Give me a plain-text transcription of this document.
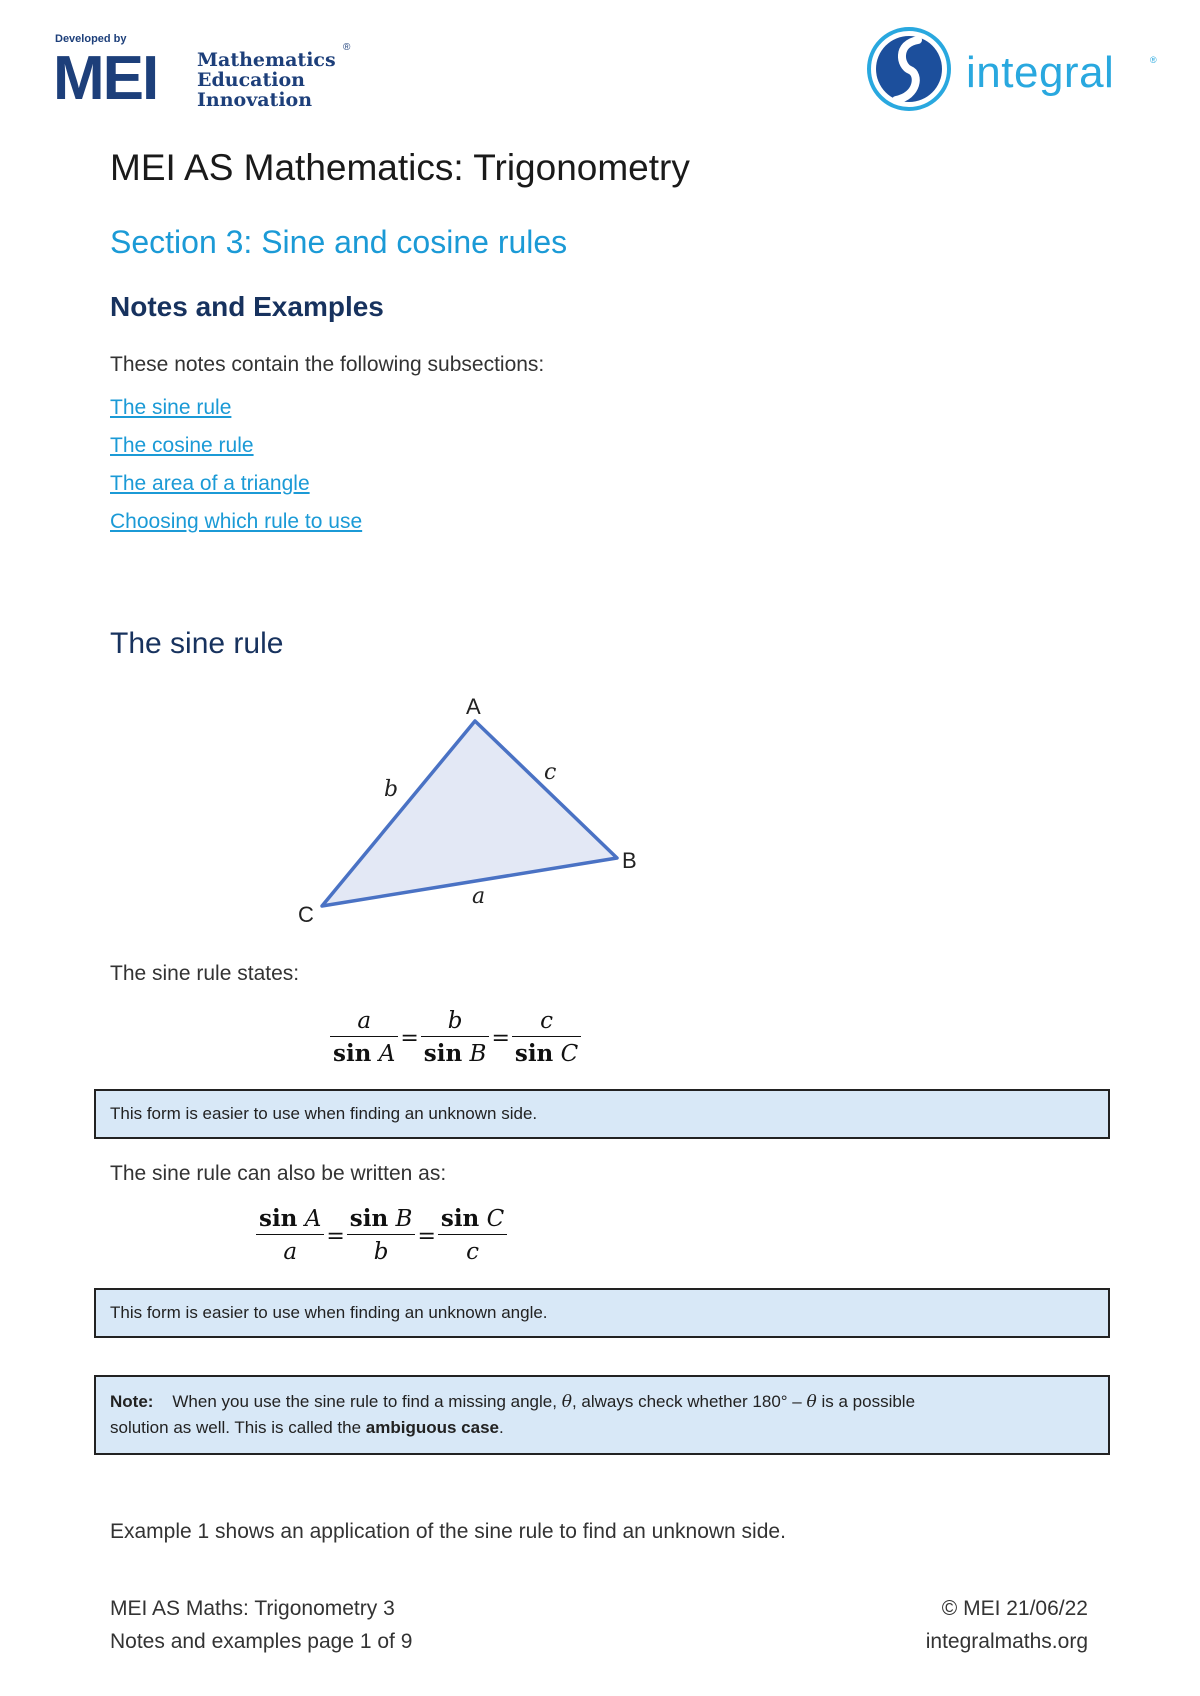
Developed by
MEI Mathematics
Education
Innovation
®
integral	®
MEI AS Mathematics: Trigonometry
Section 3: Sine and cosine rules
Notes and Examples
These notes contain the following subsections:
The sine rule
The cosine rule
The area of a triangle
Choosing which rule to use
The sine rule
A
B
C
b
c
a
The sine rule states:
$\frac{a}{\text{sin A}} = \frac{b}{\text{sin B}} = \frac{c}{\text{sin C}}$
This form is easier to use when finding an unknown side.
The sine rule can also be written as:
$\frac{\text{sin A}}{a} = \frac{\text{sin B}}{b} = \frac{\text{sin C}}{c}$
This form is easier to use when finding an unknown angle.
Note: When you use the sine rule to find a missing angle, θ, always check whether 180° – θ is a possible
solution as well. This is called the ambiguous case.
Example 1 shows an application of the sine rule to find an unknown side.
MEI AS Maths: Trigonometry 3
Notes and examples page 1 of 9
© MEI 21/06/22
integralmaths.org
